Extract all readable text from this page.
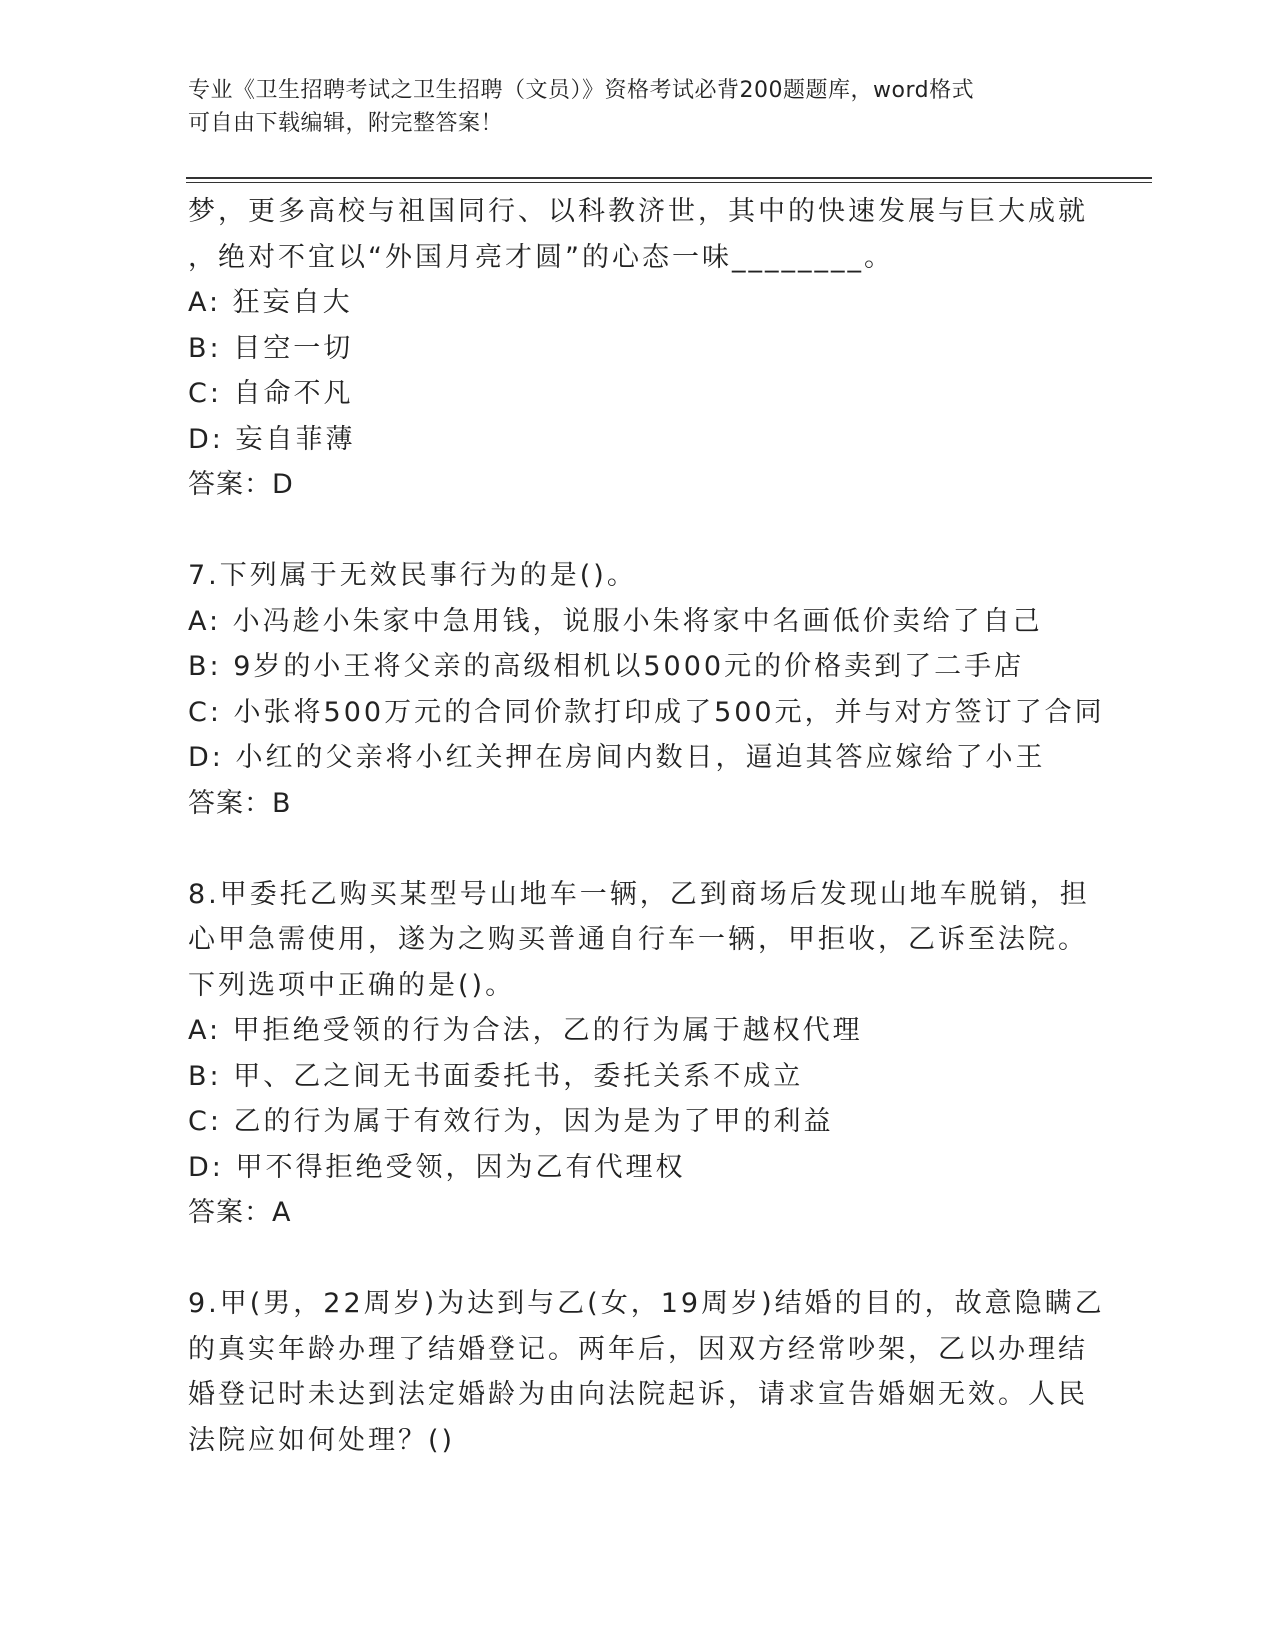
专业《卫生招聘考试之卫生招聘（文员）》资格考试必背200题题库，word格式
可自由下载编辑，附完整答案！
梦，更多高校与祖国同行、以科教济世，其中的快速发展与巨大成就
，绝对不宜以“外国月亮才圆”的心态一味________。
A: 狂妄自大
B: 目空一切
C: 自命不凡
D: 妄自菲薄
答案：D
7.下列属于无效民事行为的是()。
A: 小冯趁小朱家中急用钱，说服小朱将家中名画低价卖给了自己
B: 9岁的小王将父亲的高级相机以5000元的价格卖到了二手店
C: 小张将500万元的合同价款打印成了500元，并与对方签订了合同
D: 小红的父亲将小红关押在房间内数日，逼迫其答应嫁给了小王
答案：B
8.甲委托乙购买某型号山地车一辆，乙到商场后发现山地车脱销，担
心甲急需使用，遂为之购买普通自行车一辆，甲拒收，乙诉至法院。
下列选项中正确的是()。
A: 甲拒绝受领的行为合法，乙的行为属于越权代理
B: 甲、乙之间无书面委托书，委托关系不成立
C: 乙的行为属于有效行为，因为是为了甲的利益
D: 甲不得拒绝受领，因为乙有代理权
答案：A
9.甲(男，22周岁)为达到与乙(女，19周岁)结婚的目的，故意隐瞒乙
的真实年龄办理了结婚登记。两年后，因双方经常吵架，乙以办理结
婚登记时未达到法定婚龄为由向法院起诉，请求宣告婚姻无效。人民
法院应如何处理？()
